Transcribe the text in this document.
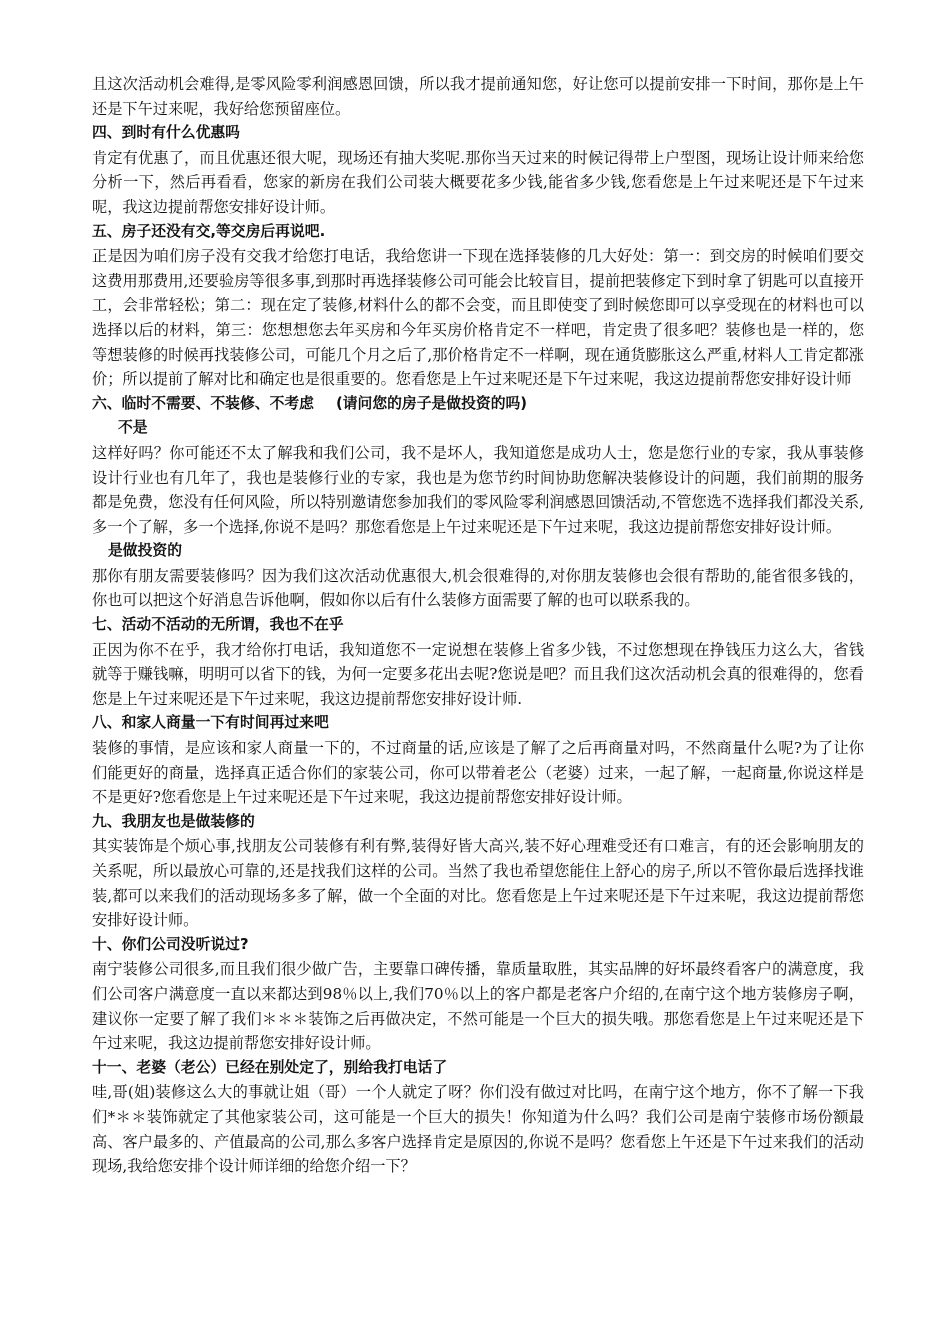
且这次活动机会难得,是零风险零利润感恩回馈，所以我才提前通知您，好让您可以提前安排一下时间，那你是上午还是下午过来呢，我好给您预留座位。

四、到时有什么优惠吗

肯定有优惠了，而且优惠还很大呢，现场还有抽大奖呢.那你当天过来的时候记得带上户型图，现场让设计师来给您分析一下，然后再看看，您家的新房在我们公司装大概要花多少钱,能省多少钱,您看您是上午过来呢还是下午过来呢，我这边提前帮您安排好设计师。

五、房子还没有交,等交房后再说吧.

正是因为咱们房子没有交我才给您打电话，我给您讲一下现在选择装修的几大好处：第一：到交房的时候咱们要交这费用那费用,还要验房等很多事,到那时再选择装修公司可能会比较盲目，提前把装修定下到时拿了钥匙可以直接开工，会非常轻松；第二：现在定了装修,材料什么的都不会变，而且即使变了到时候您即可以享受现在的材料也可以选择以后的材料，第三：您想想您去年买房和今年买房价格肯定不一样吧，肯定贵了很多吧？装修也是一样的，您等想装修的时候再找装修公司，可能几个月之后了,那价格肯定不一样啊，现在通货膨胀这么严重,材料人工肯定都涨价；所以提前了解对比和确定也是很重要的。您看您是上午过来呢还是下午过来呢，我这边提前帮您安排好设计师

六、临时不需要、不装修、不考虑 (请问您的房子是做投资的吗)

不是

这样好吗？你可能还不太了解我和我们公司，我不是坏人，我知道您是成功人士，您是您行业的专家，我从事装修设计行业也有几年了，我也是装修行业的专家，我也是为您节约时间协助您解决装修设计的问题，我们前期的服务都是免费，您没有任何风险，所以特别邀请您参加我们的零风险零利润感恩回馈活动,不管您选不选择我们都没关系,多一个了解，多一个选择,你说不是吗？那您看您是上午过来呢还是下午过来呢，我这边提前帮您安排好设计师。

是做投资的

那你有朋友需要装修吗？因为我们这次活动优惠很大,机会很难得的,对你朋友装修也会很有帮助的,能省很多钱的，你也可以把这个好消息告诉他啊，假如你以后有什么装修方面需要了解的也可以联系我的。

七、活动不活动的无所谓，我也不在乎

正因为你不在乎，我才给你打电话，我知道您不一定说想在装修上省多少钱，不过您想现在挣钱压力这么大，省钱就等于赚钱嘛，明明可以省下的钱，为何一定要多花出去呢?您说是吧？而且我们这次活动机会真的很难得的，您看您是上午过来呢还是下午过来呢，我这边提前帮您安排好设计师.

八、和家人商量一下有时间再过来吧

装修的事情，是应该和家人商量一下的，不过商量的话,应该是了解了之后再商量对吗，不然商量什么呢?为了让你们能更好的商量，选择真正适合你们的家装公司，你可以带着老公（老婆）过来，一起了解，一起商量,你说这样是不是更好?您看您是上午过来呢还是下午过来呢，我这边提前帮您安排好设计师。

九、我朋友也是做装修的

其实装饰是个烦心事,找朋友公司装修有利有弊,装得好皆大高兴,装不好心理难受还有口难言，有的还会影响朋友的关系呢，所以最放心可靠的,还是找我们这样的公司。当然了我也希望您能住上舒心的房子,所以不管你最后选择找谁装,都可以来我们的活动现场多多了解，做一个全面的对比。您看您是上午过来呢还是下午过来呢，我这边提前帮您安排好设计师。

十、你们公司没听说过?

南宁装修公司很多,而且我们很少做广告，主要靠口碑传播，靠质量取胜，其实品牌的好坏最终看客户的满意度，我们公司客户满意度一直以来都达到98％以上,我们70％以上的客户都是老客户介绍的,在南宁这个地方装修房子啊，建议你一定要了解了我们＊＊＊装饰之后再做决定，不然可能是一个巨大的损失哦。那您看您是上午过来呢还是下午过来呢，我这边提前帮您安排好设计师。

十一、老婆（老公）已经在别处定了，别给我打电话了

哇,哥(姐)装修这么大的事就让姐（哥）一个人就定了呀？你们没有做过对比吗，在南宁这个地方，你不了解一下我们*＊＊装饰就定了其他家装公司，这可能是一个巨大的损失！你知道为什么吗？我们公司是南宁装修市场份额最高、客户最多的、产值最高的公司,那么多客户选择肯定是原因的,你说不是吗？您看您上午还是下午过来我们的活动现场,我给您安排个设计师详细的给您介绍一下？
